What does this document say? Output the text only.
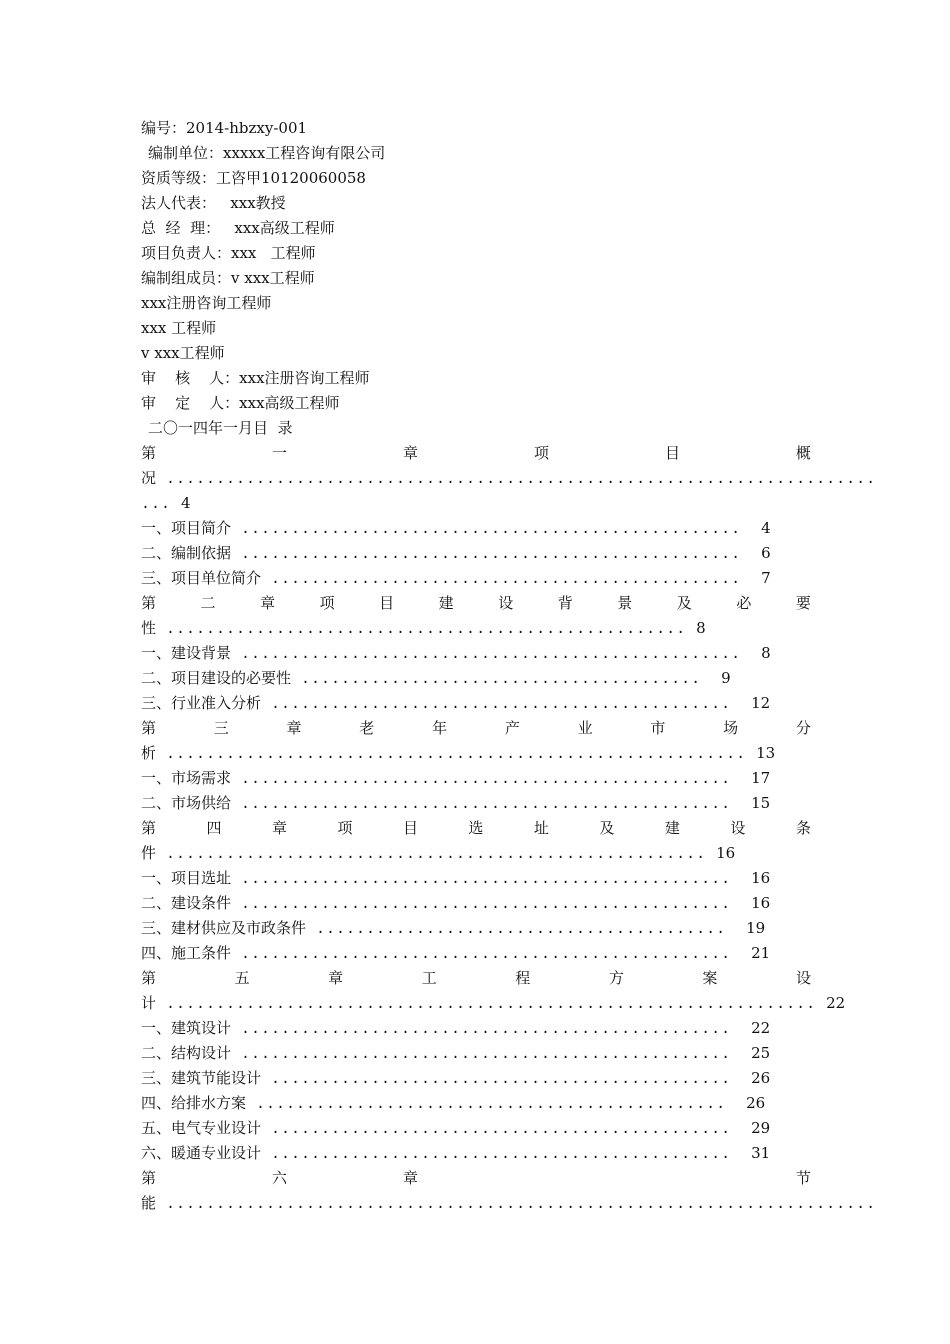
编号：2014-hbzxy-001
编制单位：xxxxx工程咨询有限公司
资质等级：工咨甲10120060058
法人代表：   xxx教授
总  经  理：   xxx高级工程师
项目负责人：xxx   工程师
编制组成员：v xxx工程师
xxx注册咨询工程师
xxx 工程师
v xxx工程师
审    核    人：xxx注册咨询工程师
审    定    人：xxx高级工程师
二〇一四年一月目  录
第	一	章	项	目	概
况 .......................................................................
... 4
一、项目简介 ..................................................  4
二、编制依据 ..................................................  6
三、项目单位简介 ...............................................  7
第	二	章	项	目	建	设	背	景	及	必	要
性 .................................................... 8
一、建设背景 ..................................................  8
二、项目建设的必要性 ........................................  9
三、行业准入分析 ..............................................  12
第	三	章	老	年	产	业	市	场	分
析 .......................................................... 13
一、市场需求 .................................................  17
二、市场供给 .................................................  15
第	四	章	项	目	选	址	及	建	设	条
件 ...................................................... 16
一、项目选址 .................................................  16
二、建设条件 .................................................  16
三、建材供应及市政条件 .........................................  19
四、施工条件 .................................................  21
第	五	章	工	程	方	案	设
计 ................................................................. 22
一、建筑设计 .................................................  22
二、结构设计 .................................................  25
三、建筑节能设计 ..............................................  26
四、给排水方案 ...............................................  26
五、电气专业设计 ..............................................  29
六、暖通专业设计 ..............................................  31
第	六	章	节
能 .......................................................................
